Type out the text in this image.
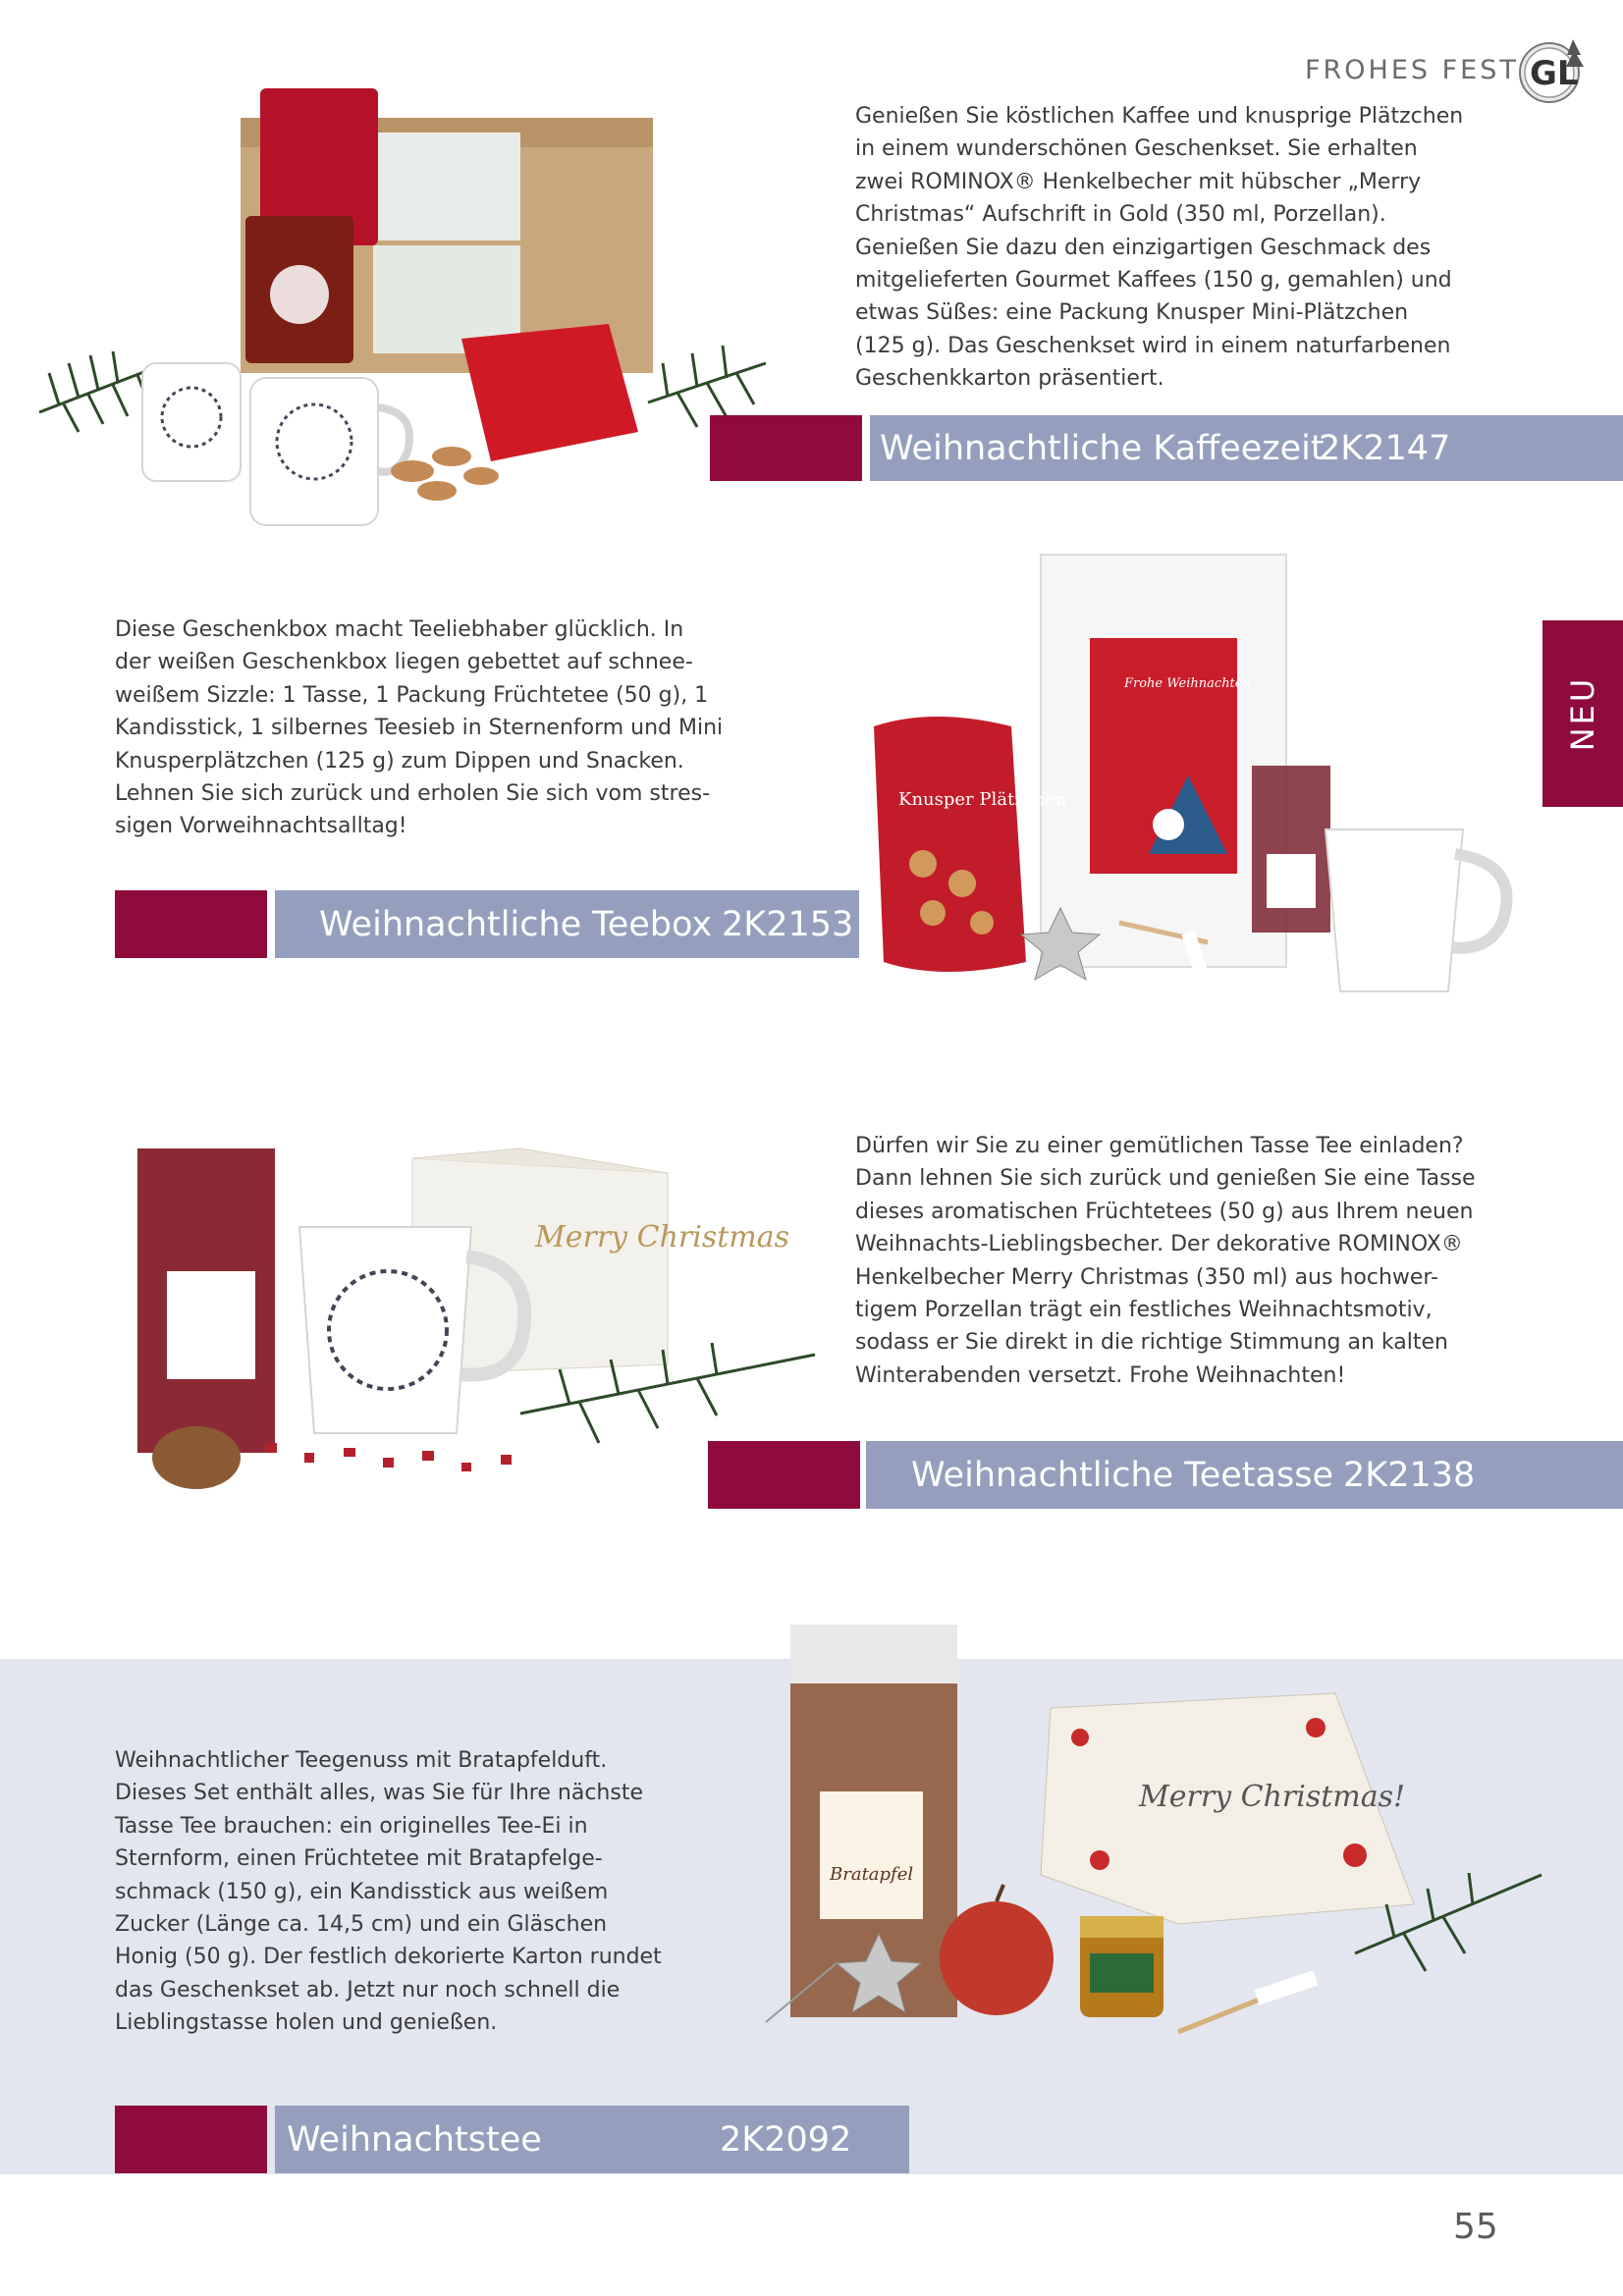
FROHES FEST GL
NEU
Genießen Sie köstlichen Kaffee und knusprige Plätzchen
in einem wunderschönen Geschenkset. Sie erhalten
zwei ROMINOX® Henkelbecher mit hübscher „Merry
Christmas“ Aufschrift in Gold (350 ml, Porzellan).
Genießen Sie dazu den einzigartigen Geschmack des
mitgelieferten Gourmet Kaffees (150 g, gemahlen) und
etwas Süßes: eine Packung Knusper Mini-Plätzchen
(125 g). Das Geschenkset wird in einem naturfarbenen
Geschenkkarton präsentiert.
Weihnachtliche Kaffeezeit
2K2147
Diese Geschenkbox macht Teeliebhaber glücklich. In
der weißen Geschenkbox liegen gebettet auf schnee-
weißem Sizzle: 1 Tasse, 1 Packung Früchtetee (50 g), 1
Kandisstick, 1 silbernes Teesieb in Sternenform und Mini
Knusperplätzchen (125 g) zum Dippen und Snacken.
Lehnen Sie sich zurück und erholen Sie sich vom stres-
sigen Vorweihnachtsalltag!
Frohe Weihnachten
Knusper Plätzchen
Weihnachtliche Teebox 2K2153
Merry Christmas
Dürfen wir Sie zu einer gemütlichen Tasse Tee einladen?
Dann lehnen Sie sich zurück und genießen Sie eine Tasse
dieses aromatischen Früchtetees (50 g) aus Ihrem neuen
Weihnachts-Lieblingsbecher. Der dekorative ROMINOX®
Henkelbecher Merry Christmas (350 ml) aus hochwer-
tigem Porzellan trägt ein festliches Weihnachtsmotiv,
sodass er Sie direkt in die richtige Stimmung an kalten
Winterabenden versetzt. Frohe Weihnachten!
Weihnachtliche Teetasse 2K2138
Weihnachtlicher Teegenuss mit Bratapfelduft.
Dieses Set enthält alles, was Sie für Ihre nächste
Tasse Tee brauchen: ein originelles Tee-Ei in
Sternform, einen Früchtetee mit Bratapfelge-
schmack (150 g), ein Kandisstick aus weißem
Zucker (Länge ca. 14,5 cm) und ein Gläschen
Honig (50 g). Der festlich dekorierte Karton rundet
das Geschenkset ab. Jetzt nur noch schnell die
Lieblingstasse holen und genießen.
Bratapfel
Merry Christmas!
Weihnachtstee	2K2092
55
